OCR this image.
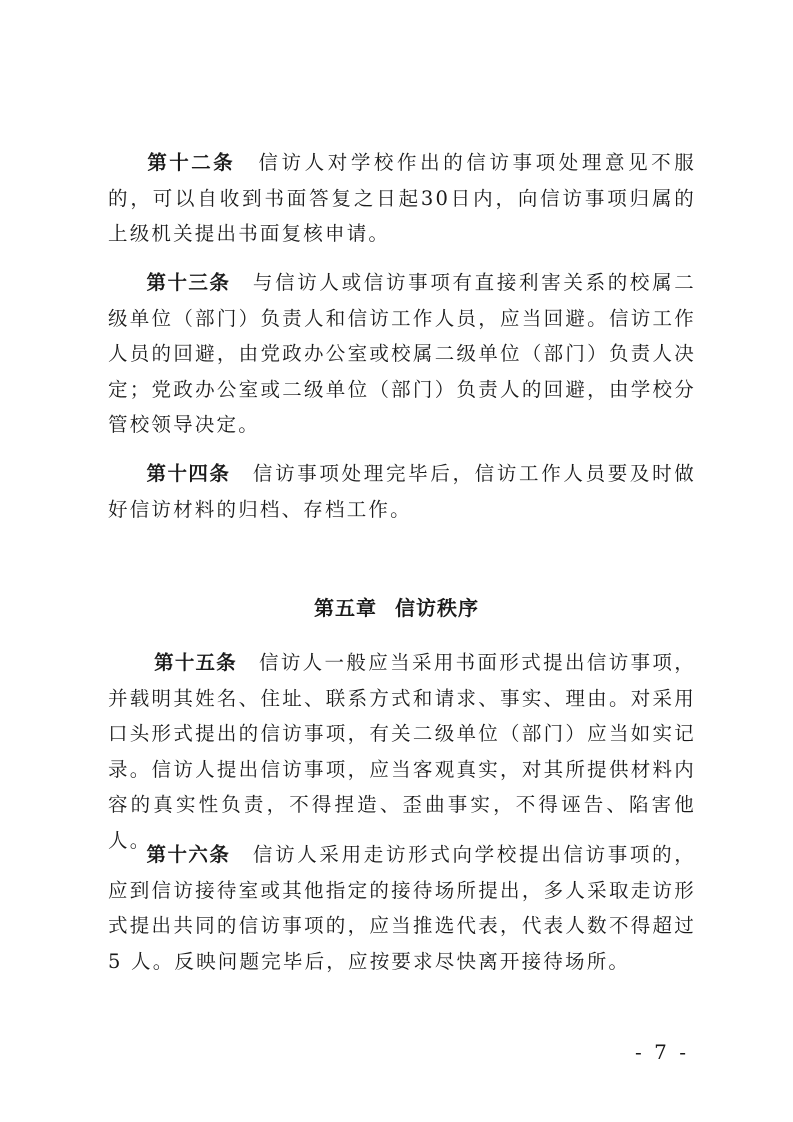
第十二条 信访人对学校作出的信访事项处理意见不服的，可以自收到书面答复之日起30日内，向信访事项归属的上级机关提出书面复核申请。

第十三条 与信访人或信访事项有直接利害关系的校属二级单位（部门）负责人和信访工作人员，应当回避。信访工作人员的回避，由党政办公室或校属二级单位（部门）负责人决定；党政办公室或二级单位（部门）负责人的回避，由学校分管校领导决定。

第十四条 信访事项处理完毕后，信访工作人员要及时做好信访材料的归档、存档工作。

第五章 信访秩序

第十五条 信访人一般应当采用书面形式提出信访事项，并载明其姓名、住址、联系方式和请求、事实、理由。对采用口头形式提出的信访事项，有关二级单位（部门）应当如实记录。信访人提出信访事项，应当客观真实，对其所提供材料内容的真实性负责，不得捏造、歪曲事实，不得诬告、陷害他人。

第十六条 信访人采用走访形式向学校提出信访事项的，应到信访接待室或其他指定的接待场所提出，多人采取走访形式提出共同的信访事项的，应当推选代表，代表人数不得超过 5 人。反映问题完毕后，应按要求尽快离开接待场所。

- 7 -
